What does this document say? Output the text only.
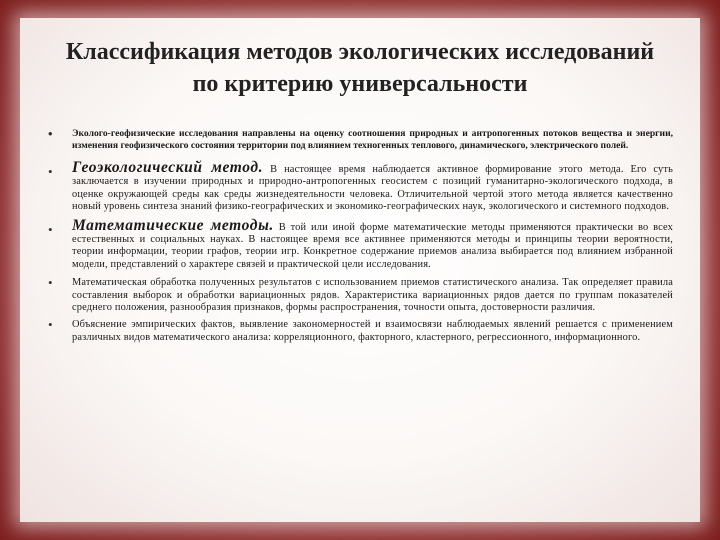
Классификация методов экологических исследований по критерию универсальности
• Эколого-геофизические исследования направлены на оценку соотношения природных и антропогенных потоков вещества и энергии, изменения геофизического состояния территории под влиянием техногенных теплового, динамического, электрического полей.
• Геоэкологический метод. В настоящее время наблюдается активное формирование этого метода. Его суть заключается в изучении природных и природно-антропогенных геосистем с позиций гуманитарно-экологического подхода, в оценке окружающей среды как среды жизнедеятельности человека. Отличительной чертой этого метода является качественно новый уровень синтеза знаний физико-географических и экономико-географических наук, экологического и системного подходов.
• Математические методы. В той или иной форме математические методы применяются практически во всех естественных и социальных науках. В настоящее время все активнее применяются методы и принципы теории вероятности, теории информации, теории графов, теории игр. Конкретное содержание приемов анализа выбирается под влиянием избранной модели, представлений о характере связей и практической цели исследования.
• Математическая обработка полученных результатов с использованием приемов статистического анализа. Так определяет правила составления выборок и обработки вариационных рядов. Характеристика вариационных рядов дается по группам показателей среднего положения, разнообразия признаков, формы распространения, точности опыта, достоверности различия.
• Объяснение эмпирических фактов, выявление закономерностей и взаимосвязи наблюдаемых явлений решается с применением различных видов математического анализа: корреляционного, факторного, кластерного, регрессионного, информационного.
